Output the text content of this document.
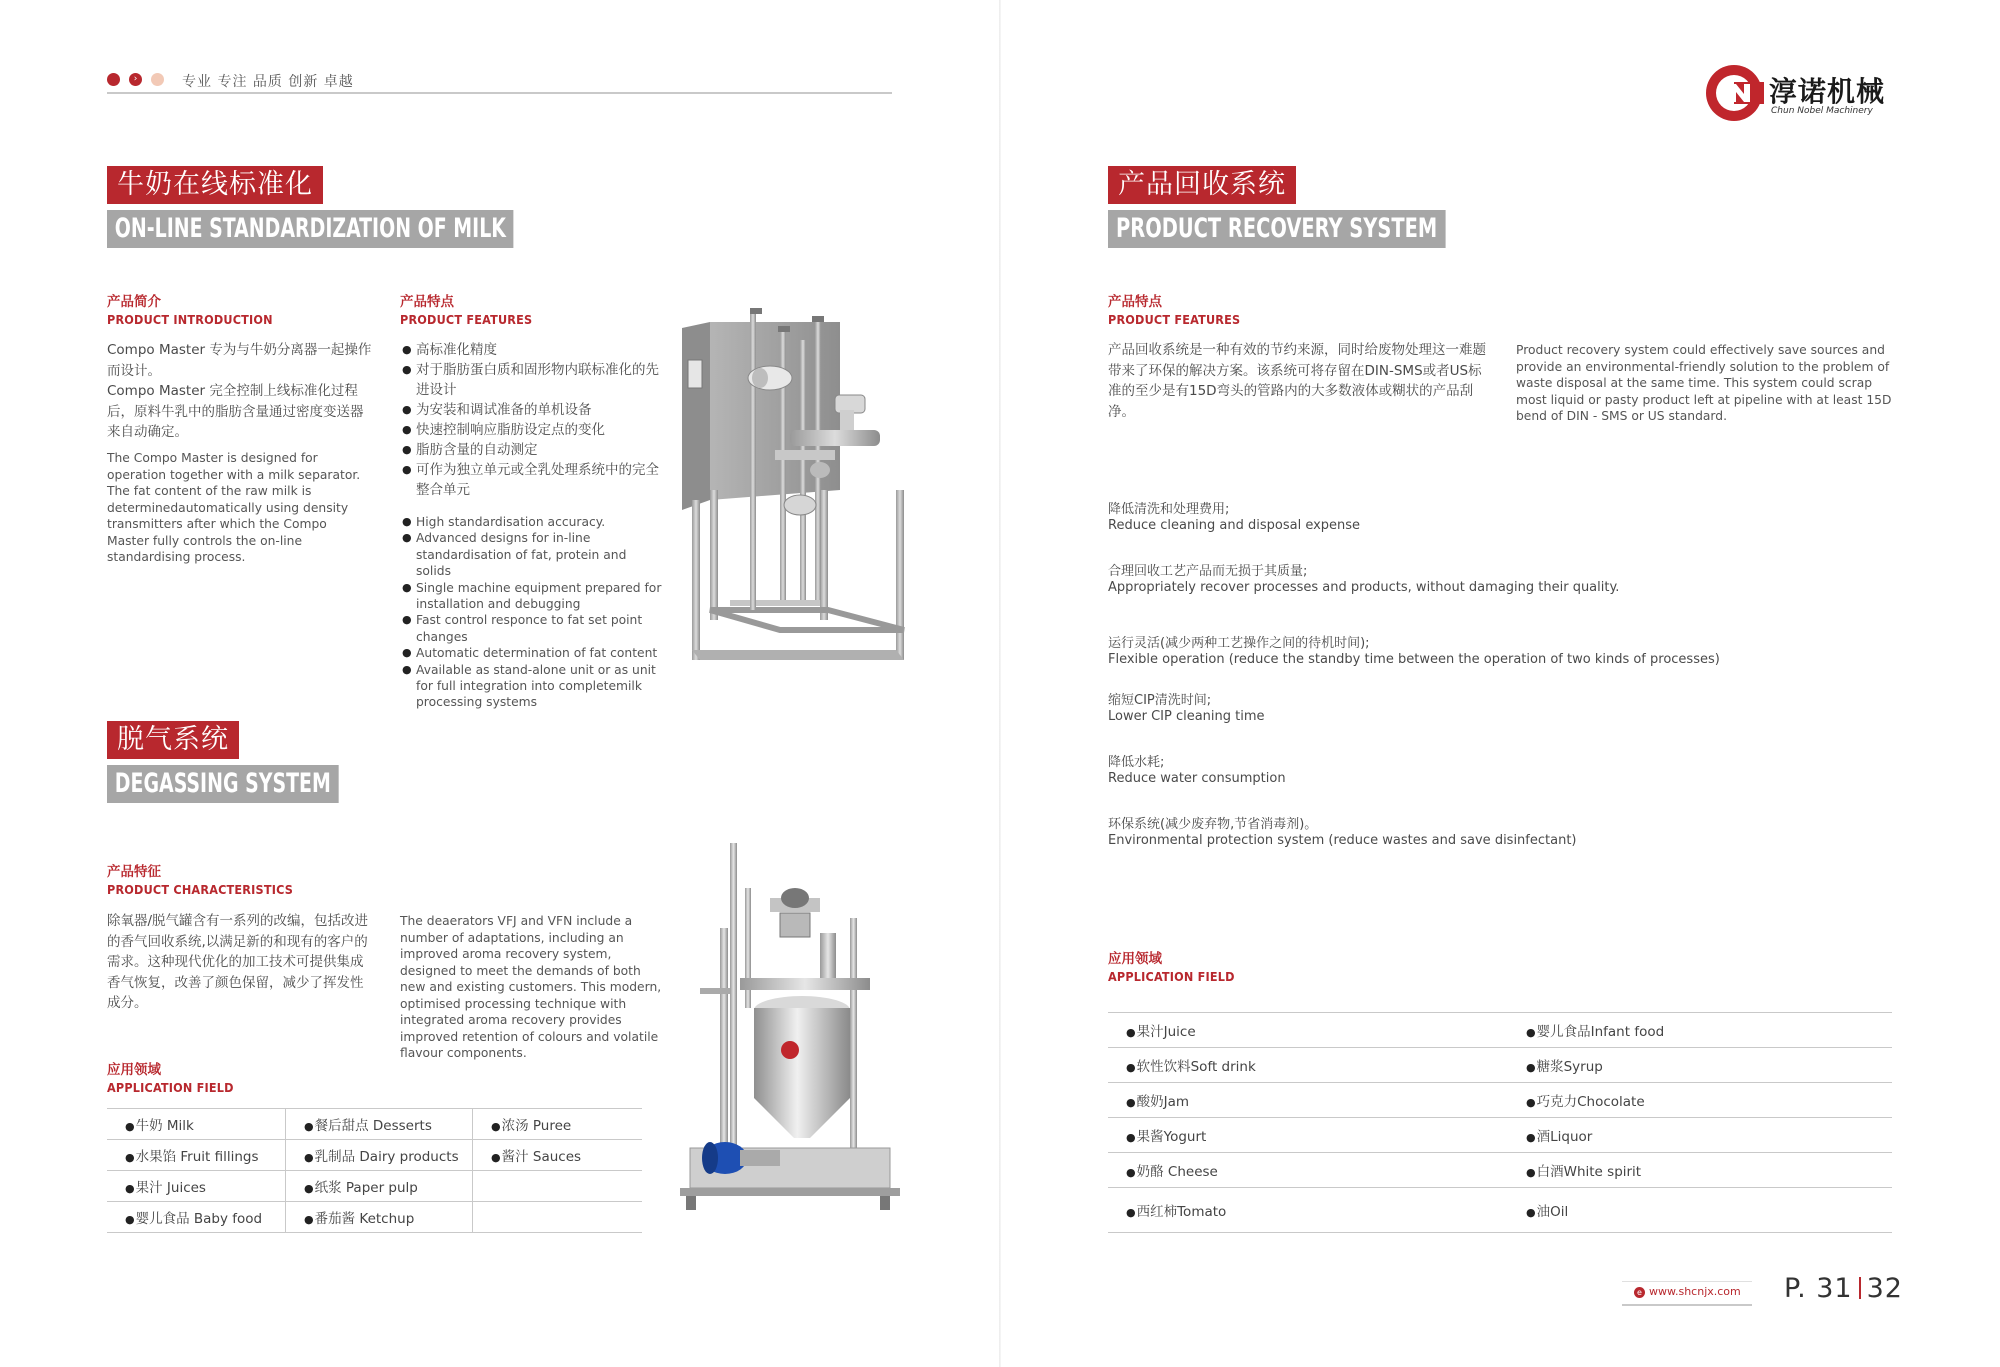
›	专业 专注 品质 创新 卓越	淳诺机械
Chun Nobel Machinery
牛奶在线标准化
ON-LINE STANDARDIZATION OF MILK
产品简介
PRODUCT INTRODUCTION
Compo Master 专为与牛奶分离器一起操作而设计。
Compo Master 完全控制上线标准化过程后，原料牛乳中的脂肪含量通过密度变送器来自动确定。
The Compo Master is designed for operation together with a milk separator. The fat content of the raw milk is determinedautomatically using density transmitters after which the Compo Master fully controls the on-line standardising process.
产品特点
PRODUCT FEATURES
● 高标准化精度
● 对于脂肪蛋白质和固形物内联标准化的先进设计
● 为安装和调试准备的单机设备
● 快速控制响应脂肪设定点的变化
● 脂肪含量的自动测定
● 可作为独立单元或全乳处理系统中的完全整合单元
● High standardisation accuracy.
● Advanced designs for in-line standardisation of fat, protein and solids
● Single machine equipment prepared for installation and debugging
● Fast control responce to fat set point changes
● Automatic determination of fat content
● Available as stand-alone unit or as unit for full integration into completemilk processing systems
脱气系统
DEGASSING SYSTEM
产品特征
PRODUCT CHARACTERISTICS
除氧器/脱气罐含有一系列的改编，包括改进的香气回收系统,以满足新的和现有的客户的需求。这种现代优化的加工技术可提供集成香气恢复，改善了颜色保留，减少了挥发性成分。
The deaerators VFJ and VFN include a number of adaptations, including an improved aroma recovery system, designed to meet the demands of both new and existing customers. This modern, optimised processing technique with integrated aroma recovery provides improved retention of colours and volatile flavour components.
应用领域
APPLICATION FIELD
● 牛奶 Milk	●餐后甜点 Desserts	●浓汤 Puree
● 水果馅 Fruit fillings	●乳制品 Dairy products	●酱汁 Sauces
● 果汁 Juices	●纸浆 Paper pulp	
● 婴儿食品 Baby food	●番茄酱 Ketchup	
产品回收系统
PRODUCT RECOVERY SYSTEM
产品特点
PRODUCT FEATURES
产品回收系统是一种有效的节约来源，同时给废物处理这一难题带来了环保的解决方案。该系统可将存留在DIN-SMS或者US标准的至少是有15D弯头的管路内的大多数液体或糊状的产品刮净。
Product recovery system could effectively save sources and provide an environmental-friendly solution to the problem of waste disposal at the same time. This system could scrap most liquid or pasty product left at pipeline with at least 15D bend of DIN - SMS or US standard.
降低清洗和处理费用;
Reduce cleaning and disposal expense
合理回收工艺产品而无损于其质量;
Appropriately recover processes and products, without damaging their quality.
运行灵活(减少两种工艺操作之间的待机时间);
Flexible operation (reduce the standby time between the operation of two kinds of processes)
缩短CIP清洗时间;
Lower CIP cleaning time
降低水耗;
Reduce water consumption
环保系统(减少废弃物,节省消毒剂)。
Environmental protection system (reduce wastes and save disinfectant)
应用领域
APPLICATION FIELD
● 果汁Juice	●婴儿食品Infant food
● 软性饮料Soft drink	●糖浆Syrup
● 酸奶Jam	●巧克力Chocolate
● 果酱Yogurt	●酒Liquor
● 奶酪 Cheese	●白酒White spirit
● 西红柿Tomato	●油Oil
e www.shcnjx.com P. 31 32
